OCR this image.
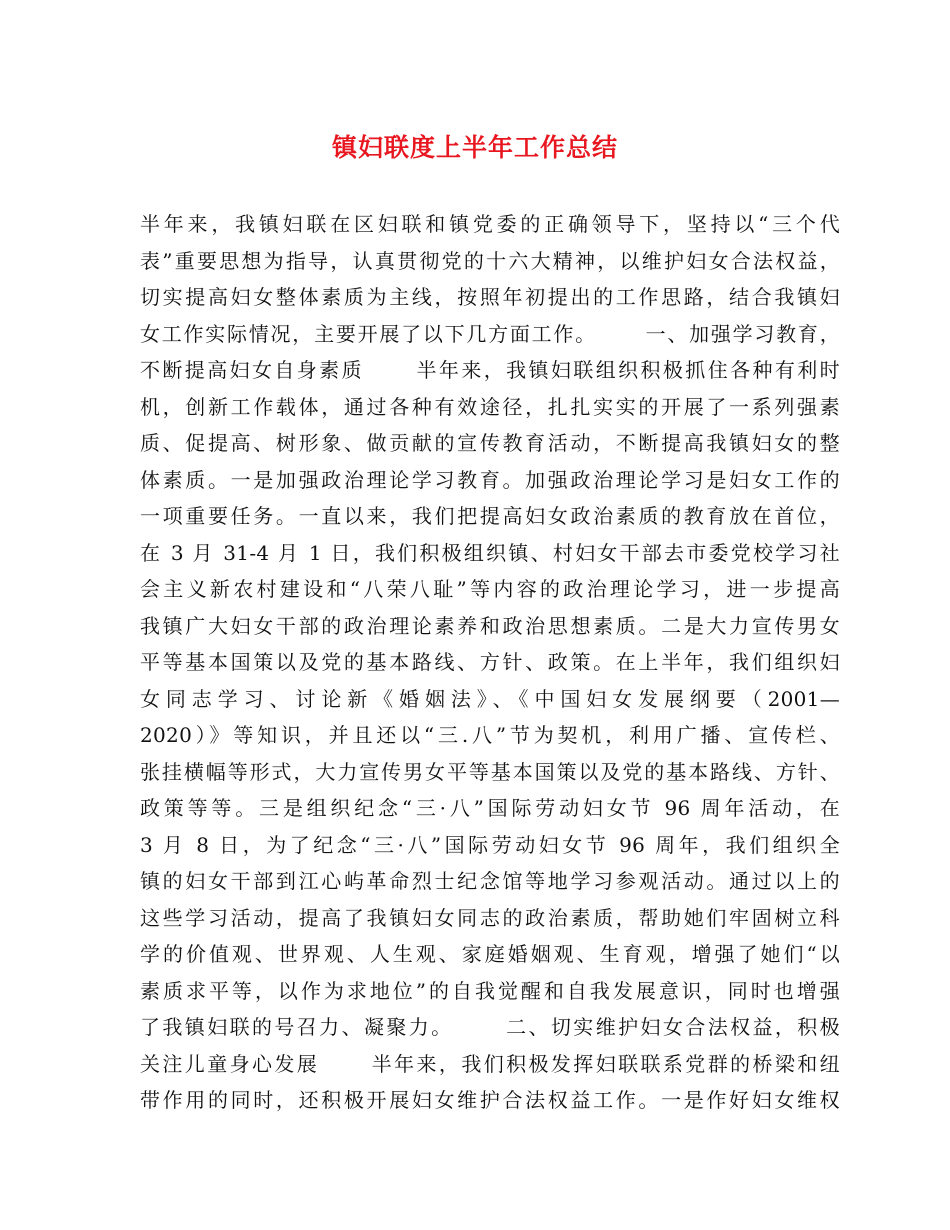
镇妇联度上半年工作总结
半年来，我镇妇联在区妇联和镇党委的正确领导下，坚持以“三个代
表”重要思想为指导，认真贯彻党的十六大精神，以维护妇女合法权益，
切实提高妇女整体素质为主线，按照年初提出的工作思路，结合我镇妇
女工作实际情况，主要开展了以下几方面工作。      一、加强学习教育，
不断提高妇女自身素质      半年来，我镇妇联组织积极抓住各种有利时
机，创新工作载体，通过各种有效途径，扎扎实实的开展了一系列强素
质、促提高、树形象、做贡献的宣传教育活动，不断提高我镇妇女的整
体素质。一是加强政治理论学习教育。加强政治理论学习是妇女工作的
一项重要任务。一直以来，我们把提高妇女政治素质的教育放在首位，
在 3 月 31-4 月 1 日，我们积极组织镇、村妇女干部去市委党校学习社
会主义新农村建设和“八荣八耻”等内容的政治理论学习，进一步提高
我镇广大妇女干部的政治理论素养和政治思想素质。二是大力宣传男女
平等基本国策以及党的基本路线、方针、政策。在上半年，我们组织妇
女同志学习、讨论新《婚姻法》、《中国妇女发展纲要（2001—
2020）》等知识，并且还以“三.八”节为契机，利用广播、宣传栏、
张挂横幅等形式，大力宣传男女平等基本国策以及党的基本路线、方针、
政策等等。三是组织纪念“三·八”国际劳动妇女节 96 周年活动，在
3 月 8 日，为了纪念“三·八”国际劳动妇女节 96 周年，我们组织全
镇的妇女干部到江心屿革命烈士纪念馆等地学习参观活动。通过以上的
这些学习活动，提高了我镇妇女同志的政治素质，帮助她们牢固树立科
学的价值观、世界观、人生观、家庭婚姻观、生育观，增强了她们“以
素质求平等，以作为求地位”的自我觉醒和自我发展意识，同时也增强
了我镇妇联的号召力、凝聚力。      二、切实维护妇女合法权益，积极
关注儿童身心发展      半年来，我们积极发挥妇联联系党群的桥梁和纽
带作用的同时，还积极开展妇女维护合法权益工作。一是作好妇女维权
